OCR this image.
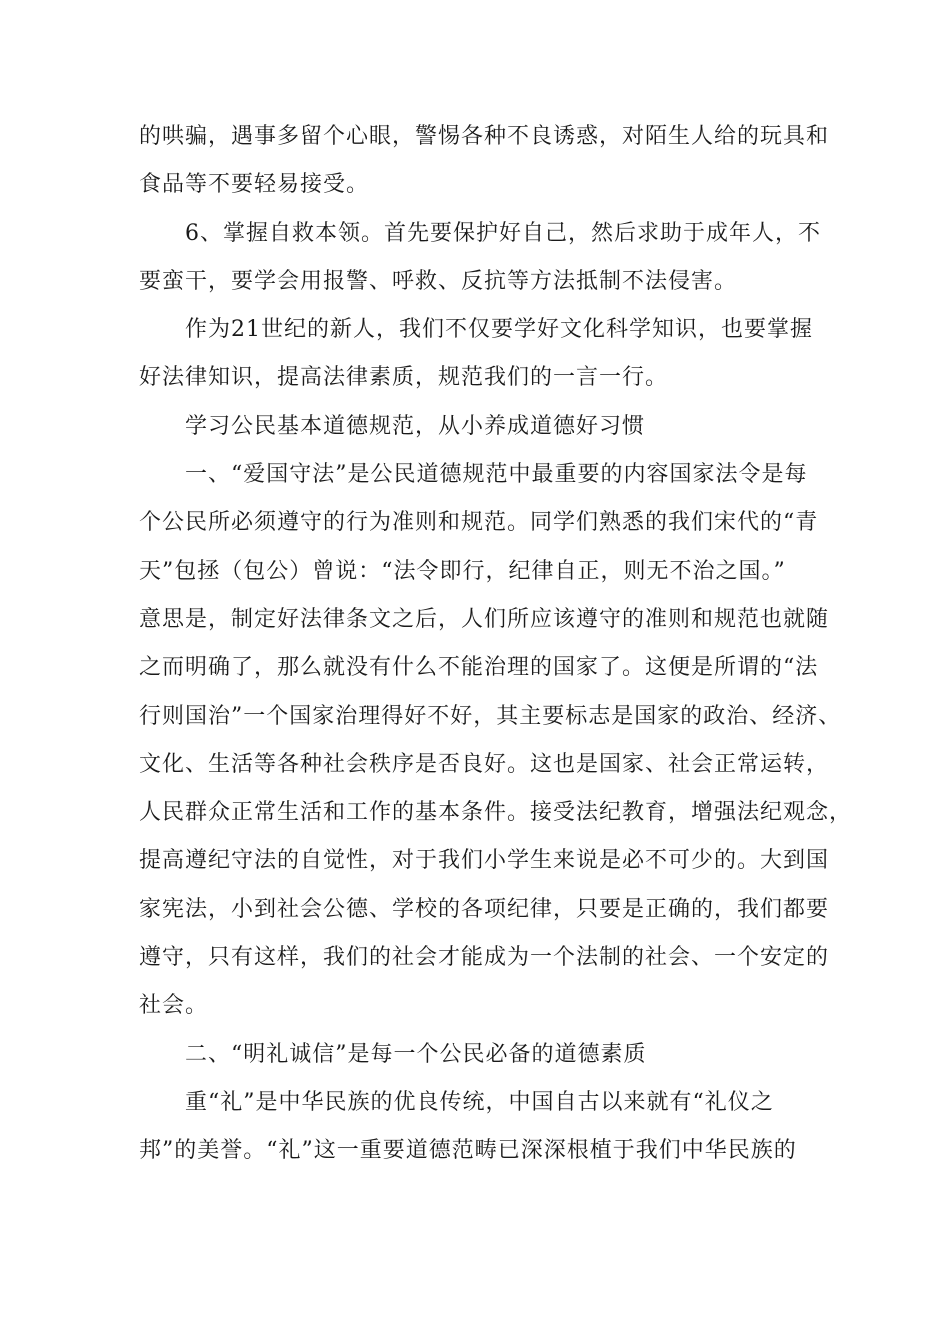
的哄骗，遇事多留个心眼，警惕各种不良诱惑，对陌生人给的玩具和
食品等不要轻易接受。
6、掌握自救本领。首先要保护好自己，然后求助于成年人，不
要蛮干，要学会用报警、呼救、反抗等方法抵制不法侵害。
作为21世纪的新人，我们不仅要学好文化科学知识，也要掌握
好法律知识，提高法律素质，规范我们的一言一行。
学习公民基本道德规范，从小养成道德好习惯
一、“爱国守法”是公民道德规范中最重要的内容国家法令是每
个公民所必须遵守的行为准则和规范。同学们熟悉的我们宋代的“青
天”包拯（包公）曾说：“法令即行，纪律自正，则无不治之国。”
意思是，制定好法律条文之后，人们所应该遵守的准则和规范也就随
之而明确了，那么就没有什么不能治理的国家了。这便是所谓的“法
行则国治”一个国家治理得好不好，其主要标志是国家的政治、经济、
文化、生活等各种社会秩序是否良好。这也是国家、社会正常运转，
人民群众正常生活和工作的基本条件。接受法纪教育，增强法纪观念，
提高遵纪守法的自觉性，对于我们小学生来说是必不可少的。大到国
家宪法，小到社会公德、学校的各项纪律，只要是正确的，我们都要
遵守，只有这样，我们的社会才能成为一个法制的社会、一个安定的
社会。
二、“明礼诚信”是每一个公民必备的道德素质
重“礼”是中华民族的优良传统，中国自古以来就有“礼仪之
邦”的美誉。“礼”这一重要道德范畴已深深根植于我们中华民族的
